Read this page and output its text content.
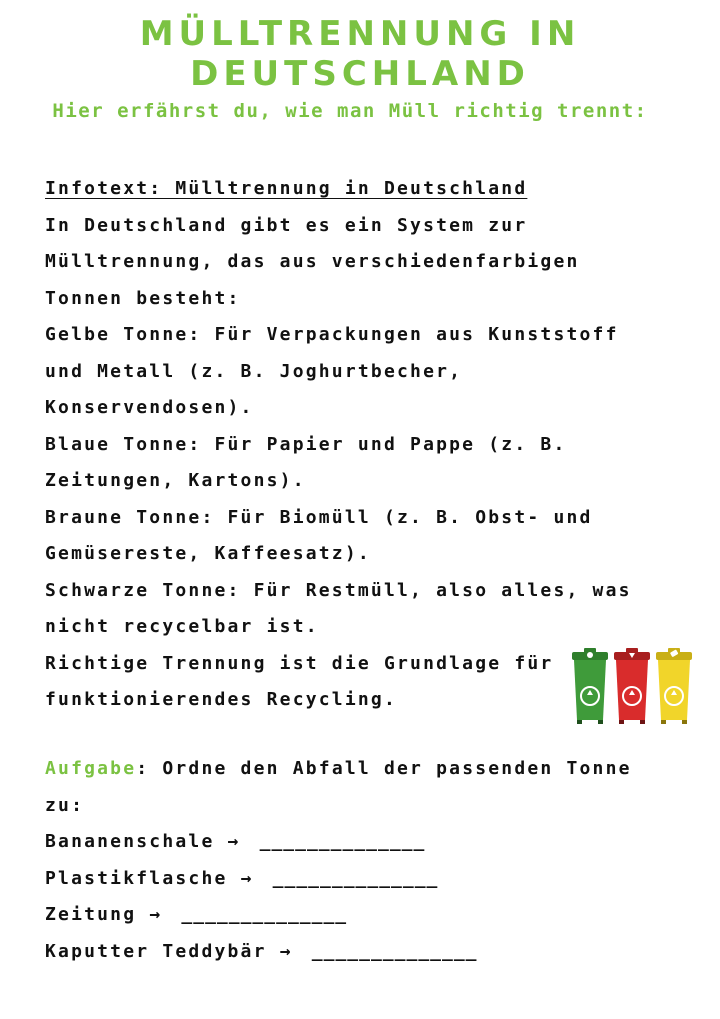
MÜLLTRENNUNG IN DEUTSCHLAND
Hier erfährst du, wie man Müll richtig trennt:
Infotext: Mülltrennung in Deutschland
In Deutschland gibt es ein System zur
Mülltrennung, das aus verschiedenfarbigen
Tonnen besteht:
Gelbe Tonne: Für Verpackungen aus Kunststoff
und Metall (z. B. Joghurtbecher,
Konservendosen).
Blaue Tonne: Für Papier und Pappe (z. B.
Zeitungen, Kartons).
Braune Tonne: Für Biomüll (z. B. Obst- und
Gemüsereste, Kaffeesatz).
Schwarze Tonne: Für Restmüll, also alles, was
nicht recycelbar ist.
Richtige Trennung ist die Grundlage für
funktionierendes Recycling.
Aufgabe: Ordne den Abfall der passenden Tonne
zu:
Bananenschale → ______________
Plastikflasche → ______________
Zeitung → ______________
Kaputter Teddybär → ______________
